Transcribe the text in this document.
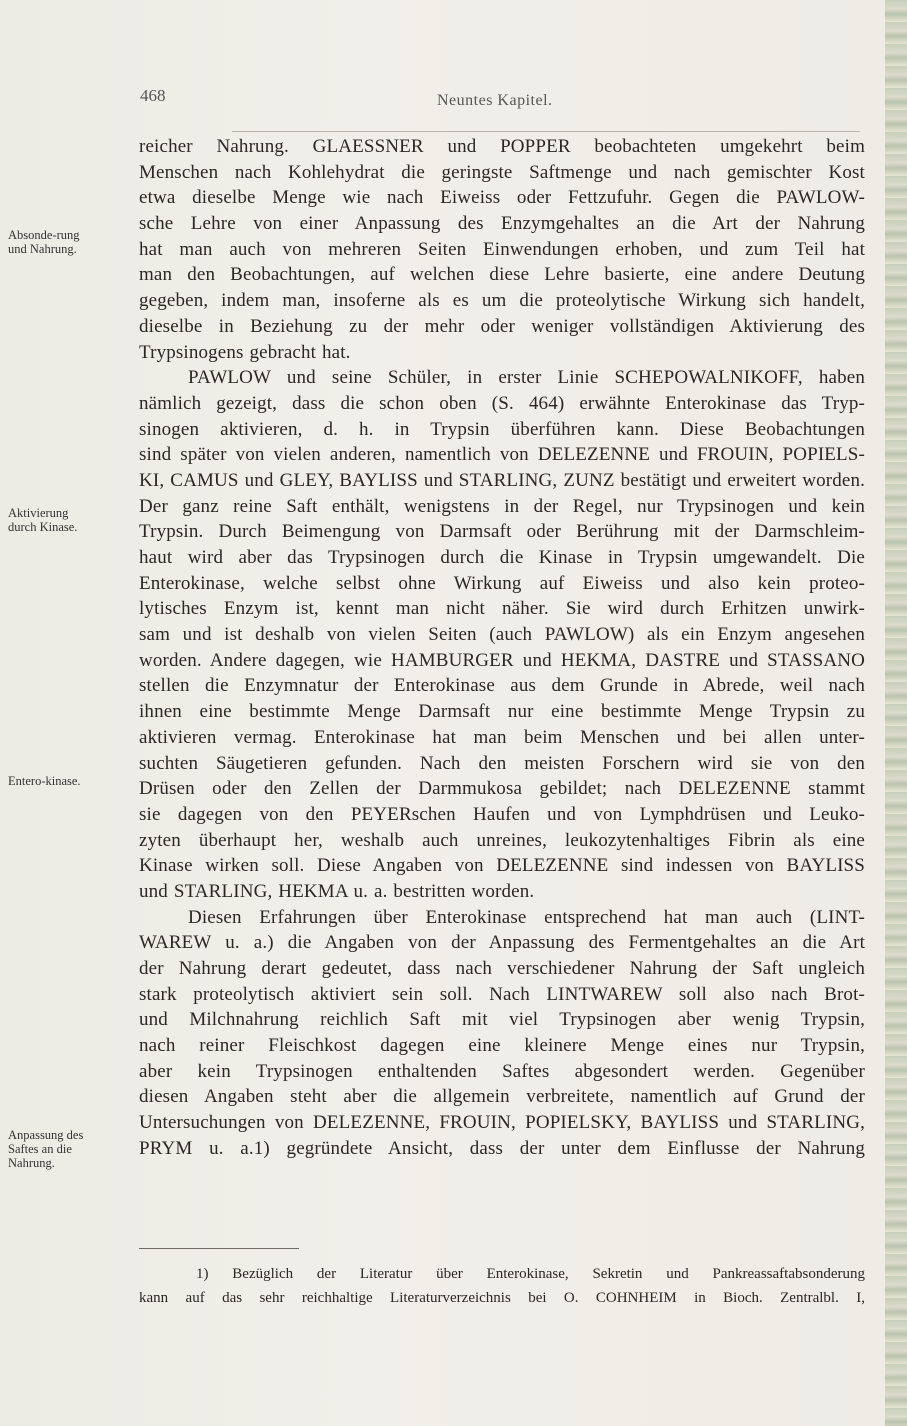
468	Neuntes Kapitel.
Absonde-rung und Nahrung.
Aktivierung durch Kinase.
Entero-kinase.
Anpassung des Saftes an die Nahrung.
reicher Nahrung. GLAESSNER und POPPER beobachteten umgekehrt beim
Menschen nach Kohlehydrat die geringste Saftmenge und nach gemischter Kost
etwa dieselbe Menge wie nach Eiweiss oder Fettzufuhr. Gegen die PAWLOW-
sche Lehre von einer Anpassung des Enzymgehaltes an die Art der Nahrung
hat man auch von mehreren Seiten Einwendungen erhoben, und zum Teil hat
man den Beobachtungen, auf welchen diese Lehre basierte, eine andere Deutung
gegeben, indem man, insoferne als es um die proteolytische Wirkung sich handelt,
dieselbe in Beziehung zu der mehr oder weniger vollständigen Aktivierung des
Trypsinogens gebracht hat.
PAWLOW und seine Schüler, in erster Linie SCHEPOWALNIKOFF, haben
nämlich gezeigt, dass die schon oben (S. 464) erwähnte Enterokinase das Tryp-
sinogen aktivieren, d. h. in Trypsin überführen kann. Diese Beobachtungen
sind später von vielen anderen, namentlich von DELEZENNE und FROUIN, POPIELS-
KI, CAMUS und GLEY, BAYLISS und STARLING, ZUNZ bestätigt und erweitert worden.
Der ganz reine Saft enthält, wenigstens in der Regel, nur Trypsinogen und kein
Trypsin. Durch Beimengung von Darmsaft oder Berührung mit der Darmschleim-
haut wird aber das Trypsinogen durch die Kinase in Trypsin umgewandelt. Die
Enterokinase, welche selbst ohne Wirkung auf Eiweiss und also kein proteo-
lytisches Enzym ist, kennt man nicht näher. Sie wird durch Erhitzen unwirk-
sam und ist deshalb von vielen Seiten (auch PAWLOW) als ein Enzym angesehen
worden. Andere dagegen, wie HAMBURGER und HEKMA, DASTRE und STASSANO
stellen die Enzymnatur der Enterokinase aus dem Grunde in Abrede, weil nach
ihnen eine bestimmte Menge Darmsaft nur eine bestimmte Menge Trypsin zu
aktivieren vermag. Enterokinase hat man beim Menschen und bei allen unter-
suchten Säugetieren gefunden. Nach den meisten Forschern wird sie von den
Drüsen oder den Zellen der Darmmukosa gebildet; nach DELEZENNE stammt
sie dagegen von den PEYERschen Haufen und von Lymphdrüsen und Leuko-
zyten überhaupt her, weshalb auch unreines, leukozytenhaltiges Fibrin als eine
Kinase wirken soll. Diese Angaben von DELEZENNE sind indessen von BAYLISS
und STARLING, HEKMA u. a. bestritten worden.
Diesen Erfahrungen über Enterokinase entsprechend hat man auch (LINT-
WAREW u. a.) die Angaben von der Anpassung des Fermentgehaltes an die Art
der Nahrung derart gedeutet, dass nach verschiedener Nahrung der Saft ungleich
stark proteolytisch aktiviert sein soll. Nach LINTWAREW soll also nach Brot-
und Milchnahrung reichlich Saft mit viel Trypsinogen aber wenig Trypsin,
nach reiner Fleischkost dagegen eine kleinere Menge eines nur Trypsin,
aber kein Trypsinogen enthaltenden Saftes abgesondert werden. Gegenüber
diesen Angaben steht aber die allgemein verbreitete, namentlich auf Grund der
Untersuchungen von DELEZENNE, FROUIN, POPIELSKY, BAYLISS und STARLING,
PRYM u. a.1) gegründete Ansicht, dass der unter dem Einflusse der Nahrung
1) Bezüglich der Literatur über Enterokinase, Sekretin und Pankreassaftabsonderung
kann auf das sehr reichhaltige Literaturverzeichnis bei O. COHNHEIM in Bioch. Zentralbl. I,
